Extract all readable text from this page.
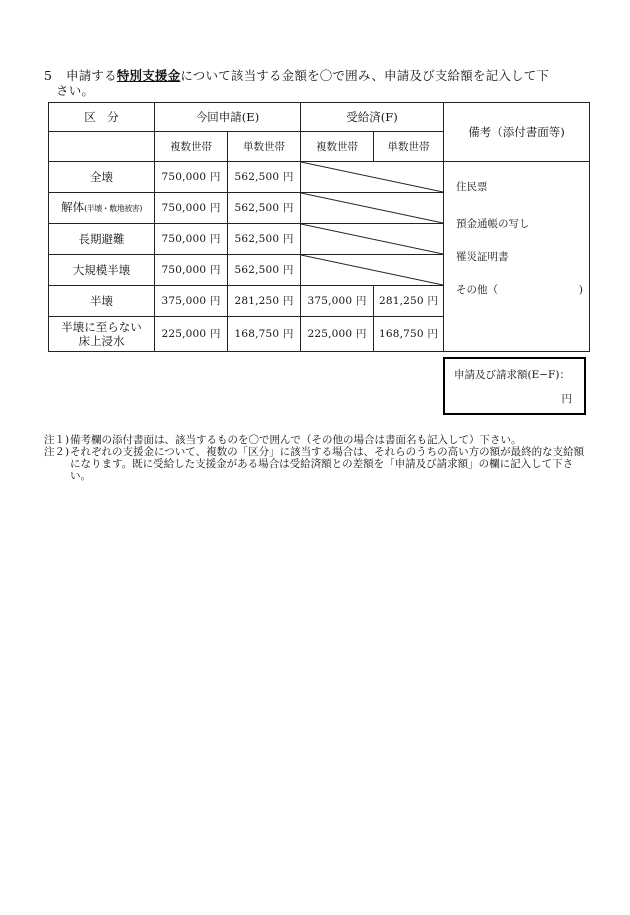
5 申請する特別支援金について該当する金額を〇で囲み、申請及び支給額を記入して下
さい。
区　分	今回申請(E)		受給済(F)		備考（添付書面等)
	複数世帯	単数世帯	複数世帯	単数世帯	
全壊	750,000 円	562,500 円			住民票
預金通帳の写し
罹災証明書
その他（ )

解体(半壊・敷地被害)	750,000 円	562,500 円	

長期避難	750,000 円	562,500 円	

大規模半壊	750,000 円	562,500 円	

半壊	375,000 円	281,250 円	375,000 円	281,250 円	

半壊に至らない
床上浸水	225,000 円	168,750 円	225,000 円	168,750 円	
申請及び請求額(E−F)：
円
注１) 備考欄の添付書面は、該当するものを〇で囲んで（その他の場合は書面名も記入して）下さい。
注２) それぞれの支援金について、複数の「区分」に該当する場合は、それらのうちの高い方の額が最終的な支給額になります。既に受給した支援金がある場合は受給済額との差額を「申請及び請求額」の欄に記入して下さい。
